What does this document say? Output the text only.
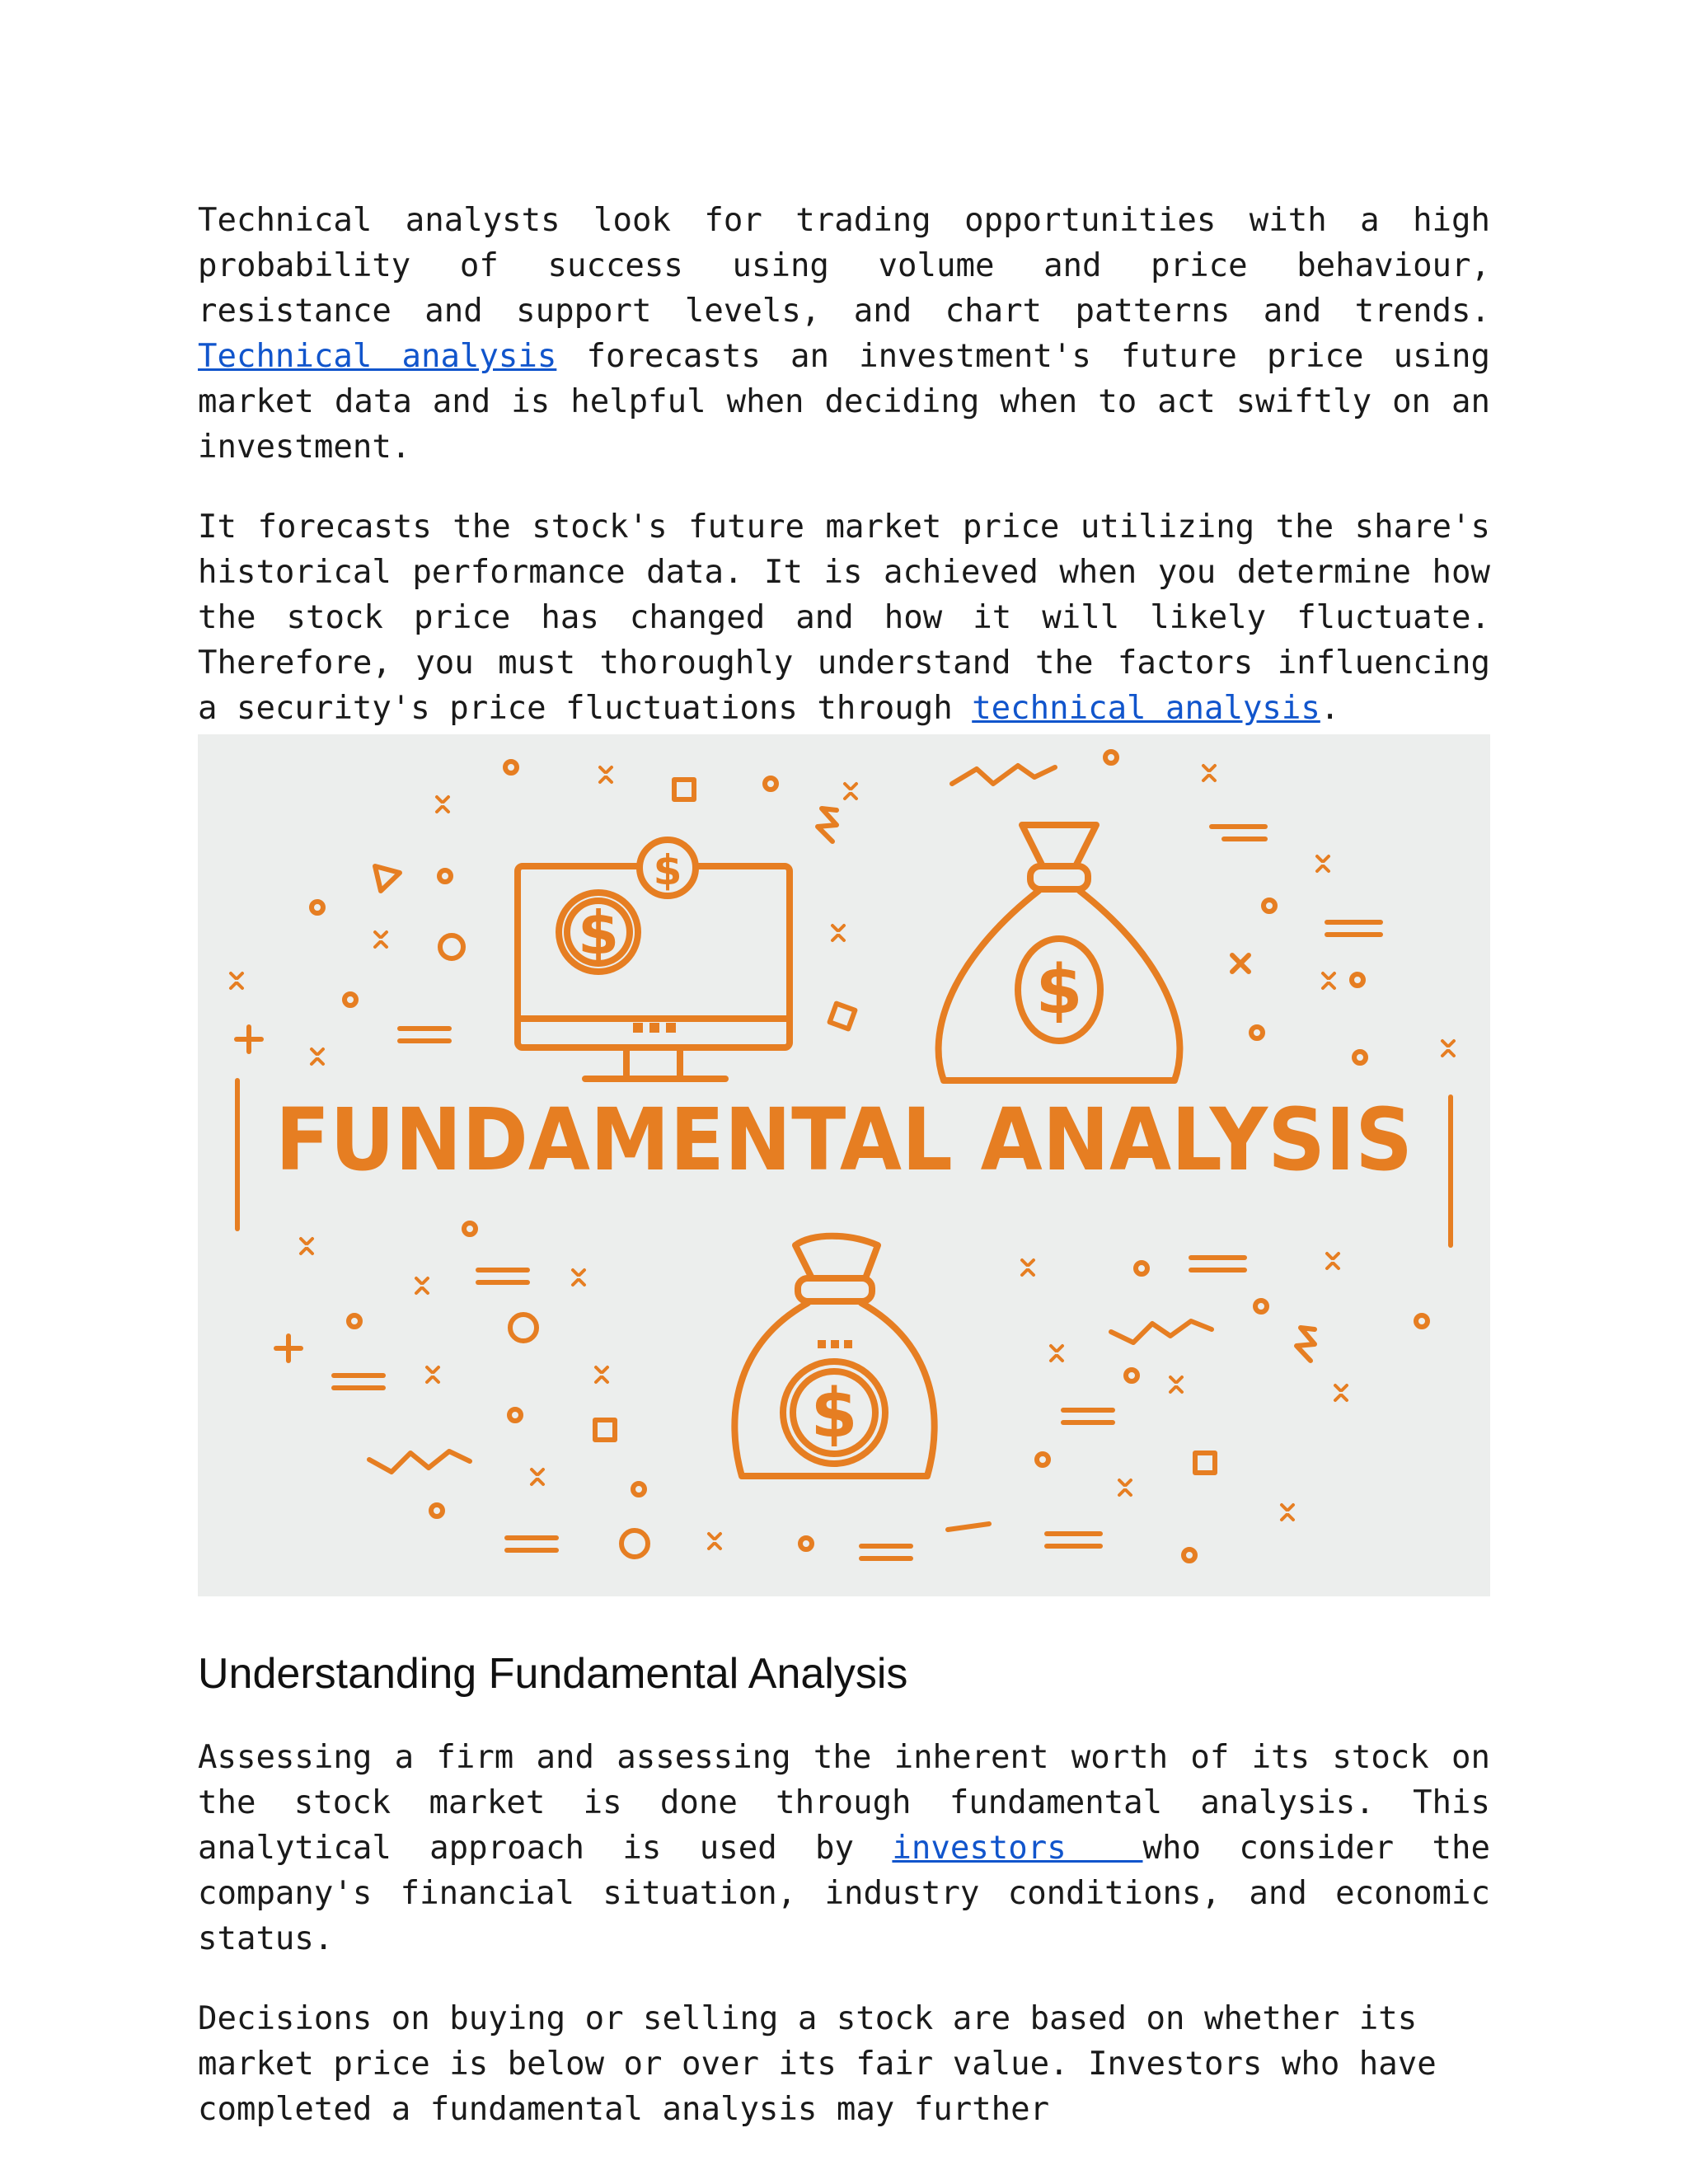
Technical analysts look for trading opportunities with a high probability of success using volume and price behaviour, resistance and support levels, and chart patterns and trends. Technical analysis forecasts an investment's future price using market data and is helpful when deciding when to act swiftly on an investment.

It forecasts the stock's future market price utilizing the share's historical performance data. It is achieved when you determine how the stock price has changed and how it will likely fluctuate. Therefore, you must thoroughly understand the factors influencing a security's price fluctuations through technical analysis.

$
$
$
$
FUNDAMENTAL ANALYSIS
Understanding Fundamental Analysis

Assessing a firm and assessing the inherent worth of its stock on the stock market is done through fundamental analysis. This analytical approach is used by investors  who consider the company's financial situation, industry conditions, and economic status.

Decisions on buying or selling a stock are based on whether its market price is below or over its fair value. Investors who have completed a fundamental analysis may further
